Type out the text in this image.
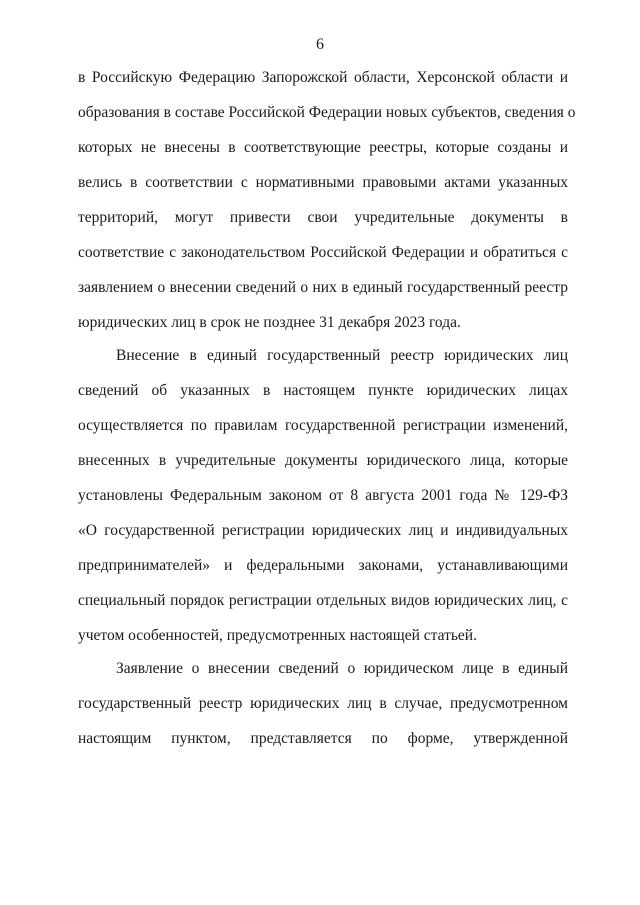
6
в Российскую Федерацию Запорожской области, Херсонской области и
образования в составе Российской Федерации новых субъектов, сведения о
которых не внесены в соответствующие реестры, которые созданы и
велись в соответствии с нормативными правовыми актами указанных
территорий, могут привести свои учредительные документы в
соответствие с законодательством Российской Федерации и обратиться с
заявлением о внесении сведений о них в единый государственный реестр
юридических лиц в срок не позднее 31 декабря 2023 года.
Внесение в единый государственный реестр юридических лиц
сведений об указанных в настоящем пункте юридических лицах
осуществляется по правилам государственной регистрации изменений,
внесенных в учредительные документы юридического лица, которые
установлены Федеральным законом от 8 августа 2001 года № 129-ФЗ
«О государственной регистрации юридических лиц и индивидуальных
предпринимателей» и федеральными законами, устанавливающими
специальный порядок регистрации отдельных видов юридических лиц, с
учетом особенностей, предусмотренных настоящей статьей.
Заявление о внесении сведений о юридическом лице в единый
государственный реестр юридических лиц в случае, предусмотренном
настоящим пунктом, представляется по форме, утвержденной
